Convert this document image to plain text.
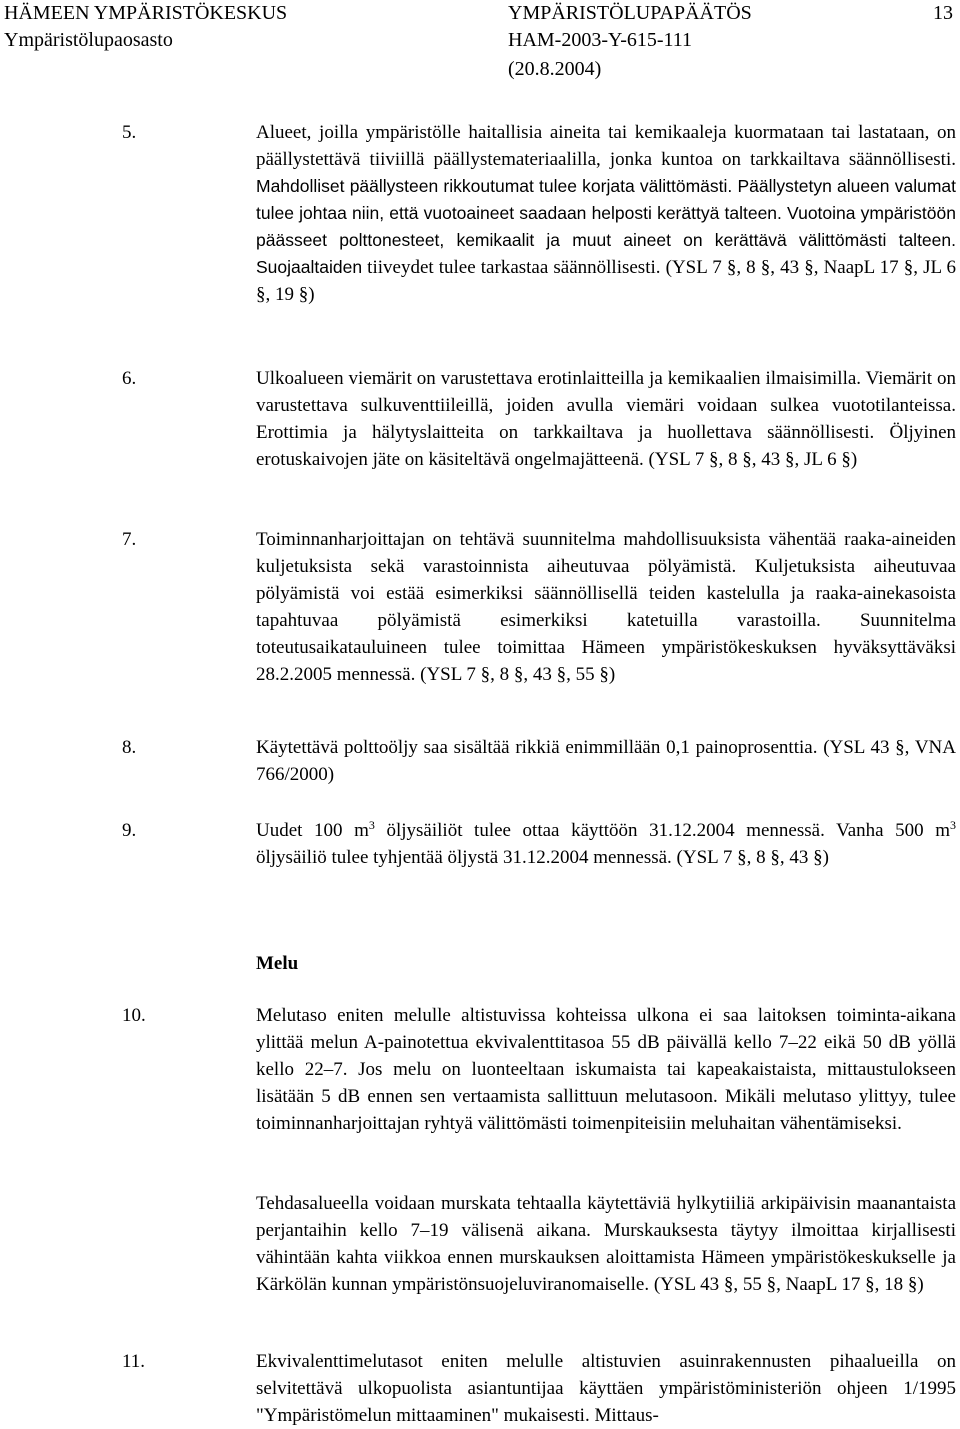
HÄMEEN YMPÄRISTÖKESKUS
Ympäristölupaosasto
YMPÄRISTÖLUPAPÄÄTÖS
HAM-2003-Y-615-111
(20.8.2004)
13
5.	Alueet, joilla ympäristölle haitallisia aineita tai kemikaaleja kuormataan tai lastataan, on päällystettävä tiiviillä päällystemateriaalilla, jonka kuntoa on tarkkailtava säännöllisesti. Mahdolliset päällysteen rikkoutumat tulee korjata välittömästi. Päällystetyn alueen valumat tulee johtaa niin, että vuotoaineet saadaan helposti kerättyä talteen. Vuotoina ympäristöön päässeet polttonesteet, kemikaalit ja muut aineet on kerättävä välittömästi talteen. Suojaaltaiden tiiveydet tulee tarkastaa säännöllisesti. (YSL 7 §, 8 §, 43 §, NaapL 17 §, JL 6 §, 19 §)
6.	Ulkoalueen viemärit on varustettava erotinlaitteilla ja kemikaalien ilmaisimilla. Viemärit on varustettava sulkuventtiileillä, joiden avulla viemäri voidaan sulkea vuototilanteissa. Erottimia ja hälytyslaitteita on tarkkailtava ja huollettava säännöllisesti. Öljyinen erotuskaivojen jäte on käsiteltävä ongelmajätteenä. (YSL 7 §, 8 §, 43 §, JL 6 §)
7.	Toiminnanharjoittajan on tehtävä suunnitelma mahdollisuuksista vähentää raaka-aineiden kuljetuksista sekä varastoinnista aiheutuvaa pölyämistä. Kuljetuksista aiheutuvaa pölyämistä voi estää esimerkiksi säännöllisellä teiden kastelulla ja raaka-ainekasoista tapahtuvaa pölyämistä esimerkiksi katetuilla varastoilla. Suunnitelma toteutusaikatauluineen tulee toimittaa Hämeen ympäristökeskuksen hyväksyttäväksi 28.2.2005 mennessä. (YSL 7 §, 8 §, 43 §, 55 §)
8.	Käytettävä polttoöljy saa sisältää rikkiä enimmillään 0,1 painoprosenttia. (YSL 43 §, VNA 766/2000)
9.	Uudet 100 $m^3$ öljysäiliöt tulee ottaa käyttöön 31.12.2004 mennessä. Vanha 500 $m^3$ öljysäiliö tulee tyhjentää öljystä 31.12.2004 mennessä. (YSL 7 §, 8 §, 43 §)
Melu
10.	Melutaso eniten melulle altistuvissa kohteissa ulkona ei saa laitoksen toiminta-aikana ylittää melun A-painotettua ekvivalenttitasoa 55 dB päivällä kello 7–22 eikä 50 dB yöllä kello 22–7. Jos melu on luonteeltaan iskumaista tai kapeakaistaista, mittaustulokseen lisätään 5 dB ennen sen vertaamista sallittuun melutasoon. Mikäli melutaso ylittyy, tulee toiminnanharjoittajan ryhtyä välittömästi toimenpiteisiin meluhaitan vähentämiseksi.
Tehdasalueella voidaan murskata tehtaalla käytettäviä hylkytiiliä arkipäivisin maanantaista perjantaihin kello 7–19 välisenä aikana. Murskauksesta täytyy ilmoittaa kirjallisesti vähintään kahta viikkoa ennen murskauksen aloittamista Hämeen ympäristökeskukselle ja Kärkölän kunnan ympäristönsuojeluviranomaiselle. (YSL 43 §, 55 §, NaapL 17 §, 18 §)
11.	Ekvivalenttimelutasot eniten melulle altistuvien asuinrakennusten pihaalueilla on selvitettävä ulkopuolista asiantuntijaa käyttäen ympäristöministeriön ohjeen 1/1995 "Ympäristömelun mittaaminen" mukaisesti. Mittaus-
